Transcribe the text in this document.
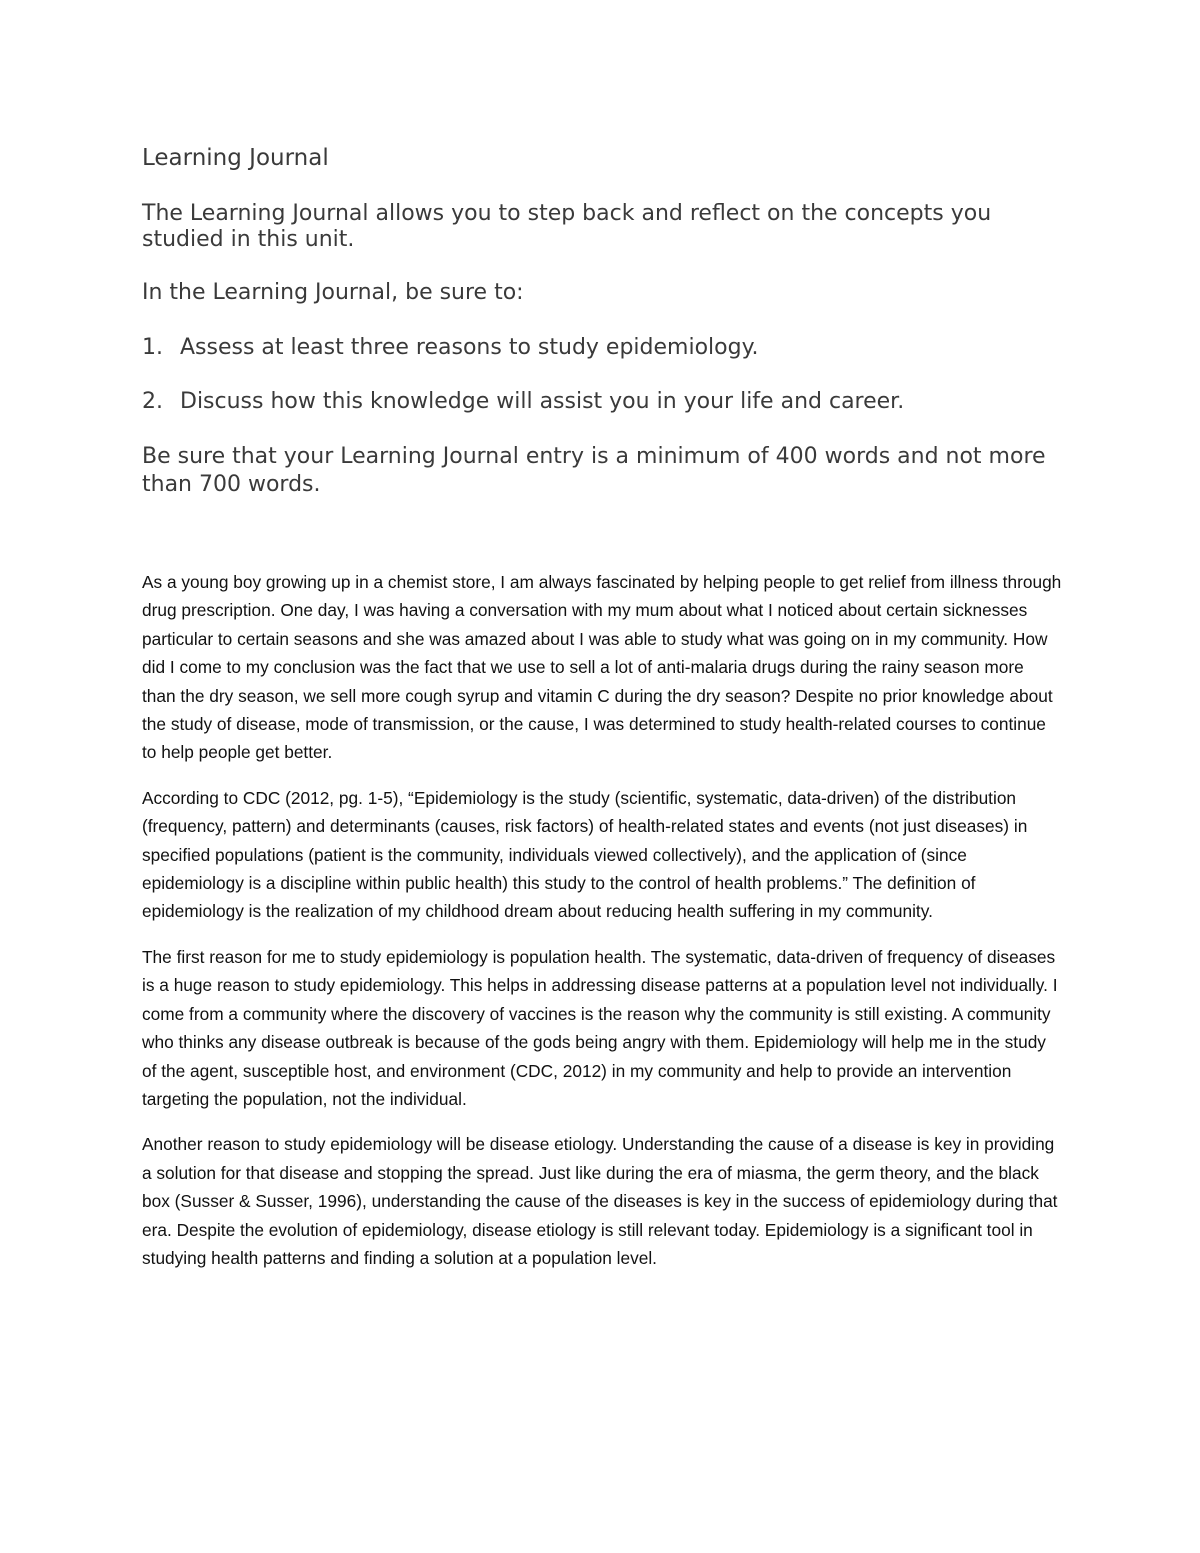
Learning Journal

The Learning Journal allows you to step back and reflect on the concepts you studied in this unit.

In the Learning Journal, be sure to:

1. Assess at least three reasons to study epidemiology.
2. Discuss how this knowledge will assist you in your life and career.

Be sure that your Learning Journal entry is a minimum of 400 words and not more than 700 words.

As a young boy growing up in a chemist store, I am always fascinated by helping people to get relief from illness through drug prescription. One day, I was having a conversation with my mum about what I noticed about certain sicknesses particular to certain seasons and she was amazed about I was able to study what was going on in my community. How did I come to my conclusion was the fact that we use to sell a lot of anti-malaria drugs during the rainy season more than the dry season, we sell more cough syrup and vitamin C during the dry season? Despite no prior knowledge about the study of disease, mode of transmission, or the cause, I was determined to study health-related courses to continue to help people get better.

According to CDC (2012, pg. 1-5), “Epidemiology is the study (scientific, systematic, data-driven) of the distribution (frequency, pattern) and determinants (causes, risk factors) of health-related states and events (not just diseases) in specified populations (patient is the community, individuals viewed collectively), and the application of (since epidemiology is a discipline within public health) this study to the control of health problems.” The definition of epidemiology is the realization of my childhood dream about reducing health suffering in my community.

The first reason for me to study epidemiology is population health. The systematic, data-driven of frequency of diseases is a huge reason to study epidemiology. This helps in addressing disease patterns at a population level not individually. I come from a community where the discovery of vaccines is the reason why the community is still existing. A community who thinks any disease outbreak is because of the gods being angry with them. Epidemiology will help me in the study of the agent, susceptible host, and environment (CDC, 2012) in my community and help to provide an intervention targeting the population, not the individual.

Another reason to study epidemiology will be disease etiology. Understanding the cause of a disease is key in providing a solution for that disease and stopping the spread. Just like during the era of miasma, the germ theory, and the black box (Susser & Susser, 1996), understanding the cause of the diseases is key in the success of epidemiology during that era. Despite the evolution of epidemiology, disease etiology is still relevant today. Epidemiology is a significant tool in studying health patterns and finding a solution at a population level.
